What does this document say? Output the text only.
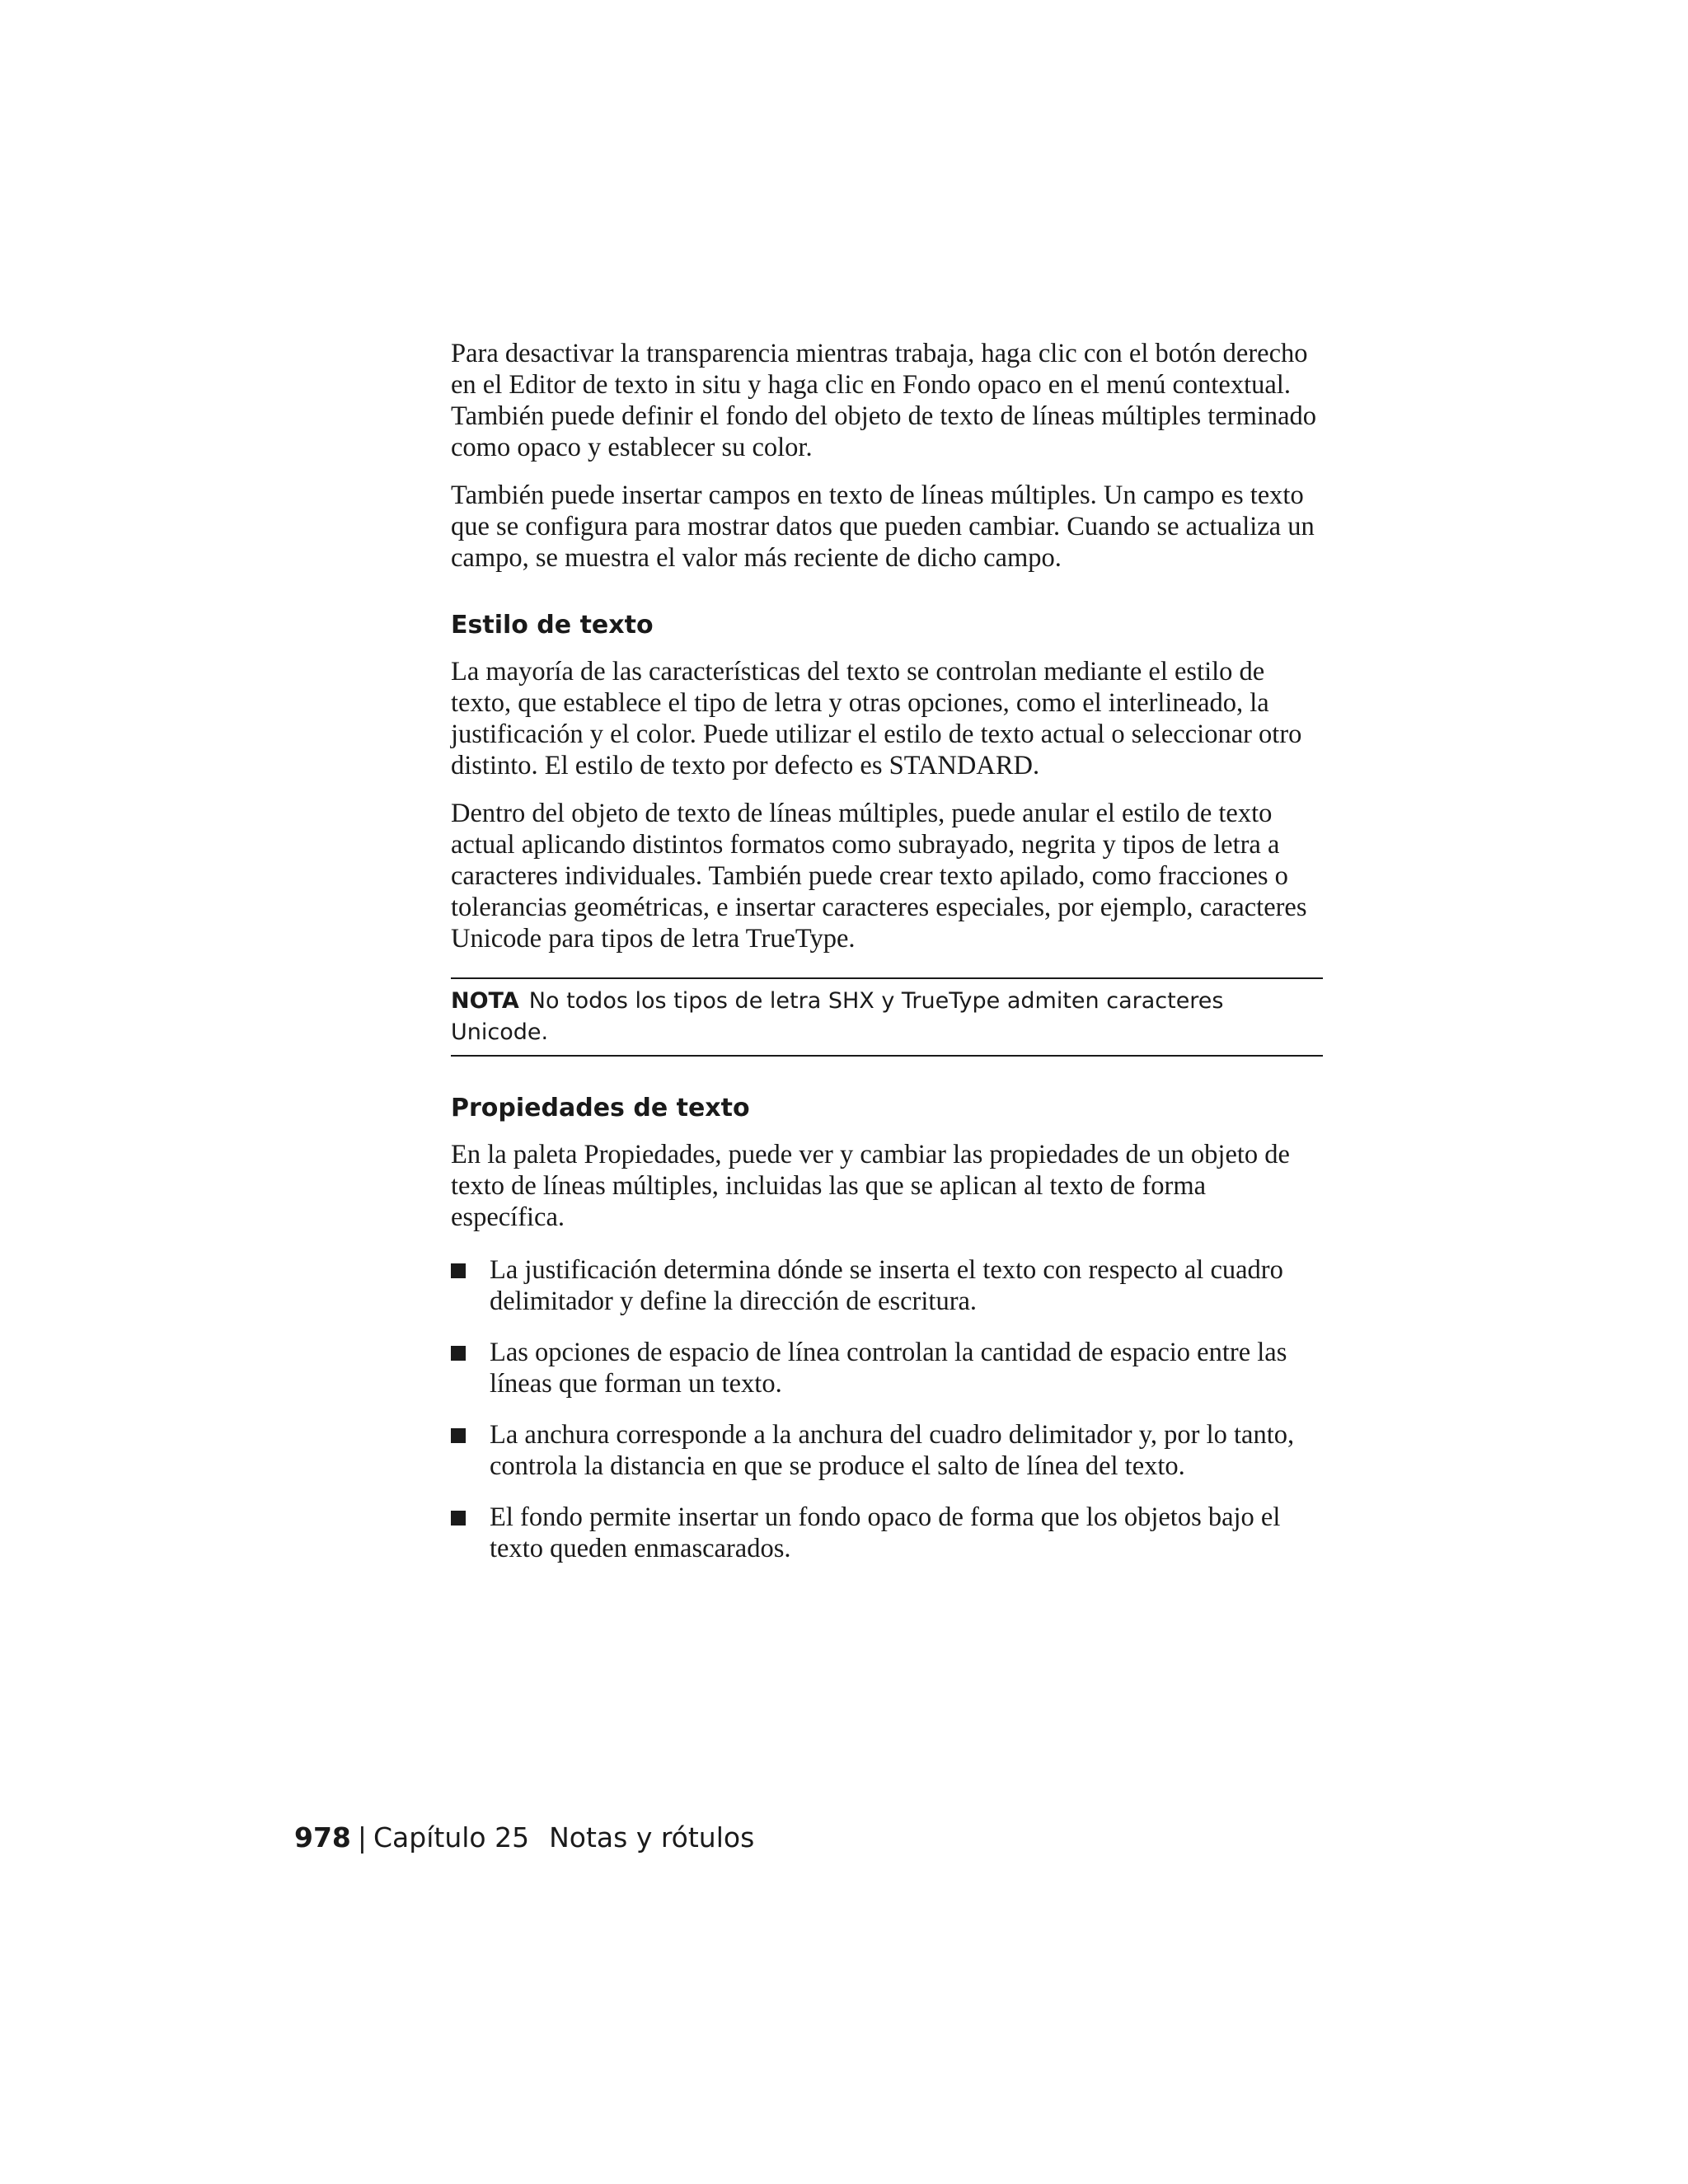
Para desactivar la transparencia mientras trabaja, haga clic con el botón derecho en el Editor de texto in situ y haga clic en Fondo opaco en el menú contextual. También puede definir el fondo del objeto de texto de líneas múltiples terminado como opaco y establecer su color.

También puede insertar campos en texto de líneas múltiples. Un campo es texto que se configura para mostrar datos que pueden cambiar. Cuando se actualiza un campo, se muestra el valor más reciente de dicho campo.

Estilo de texto

La mayoría de las características del texto se controlan mediante el estilo de texto, que establece el tipo de letra y otras opciones, como el interlineado, la justificación y el color. Puede utilizar el estilo de texto actual o seleccionar otro distinto. El estilo de texto por defecto es STANDARD.

Dentro del objeto de texto de líneas múltiples, puede anular el estilo de texto actual aplicando distintos formatos como subrayado, negrita y tipos de letra a caracteres individuales. También puede crear texto apilado, como fracciones o tolerancias geométricas, e insertar caracteres especiales, por ejemplo, caracteres Unicode para tipos de letra TrueType.

NOTA No todos los tipos de letra SHX y TrueType admiten caracteres Unicode.
Propiedades de texto

En la paleta Propiedades, puede ver y cambiar las propiedades de un objeto de texto de líneas múltiples, incluidas las que se aplican al texto de forma específica.

La justificación determina dónde se inserta el texto con respecto al cuadro delimitador y define la dirección de escritura.
Las opciones de espacio de línea controlan la cantidad de espacio entre las líneas que forman un texto.
La anchura corresponde a la anchura del cuadro delimitador y, por lo tanto, controla la distancia en que se produce el salto de línea del texto.
El fondo permite insertar un fondo opaco de forma que los objetos bajo el texto queden enmascarados.
978 | Capítulo 25 Notas y rótulos
